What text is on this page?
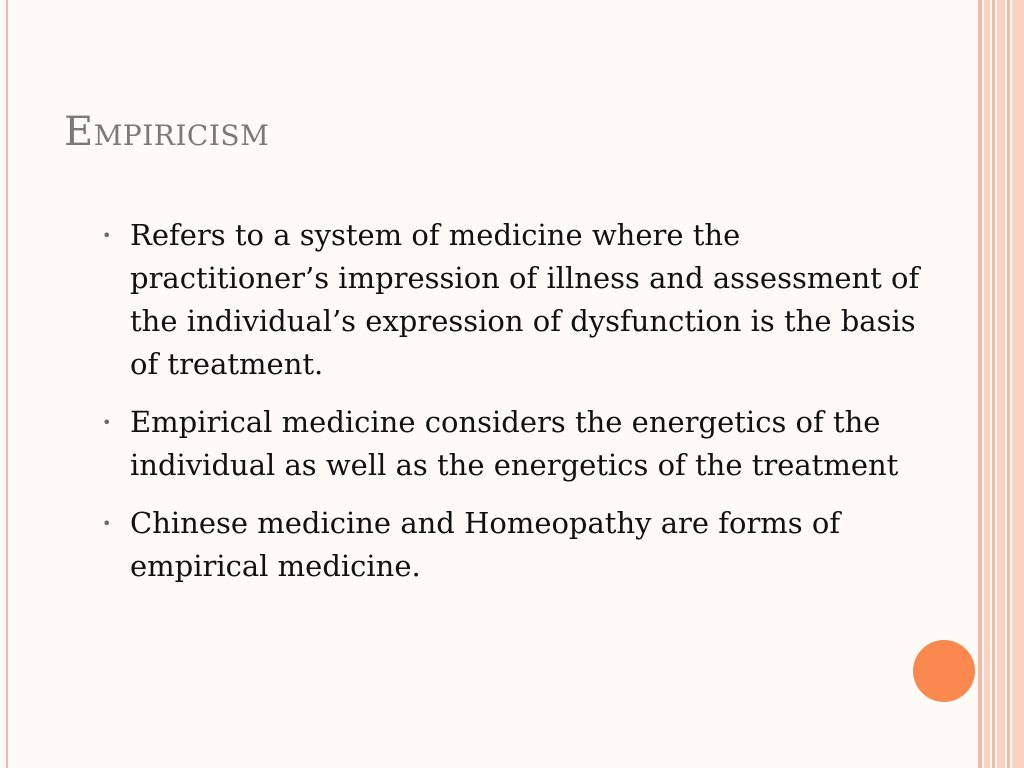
Empiricism
• Refers to a system of medicine where the practitioner’s impression of illness and assessment of the individual’s expression of dysfunction is the basis of treatment.
• Empirical medicine considers the energetics of the individual as well as the energetics of the treatment
• Chinese medicine and Homeopathy are forms of empirical medicine.
